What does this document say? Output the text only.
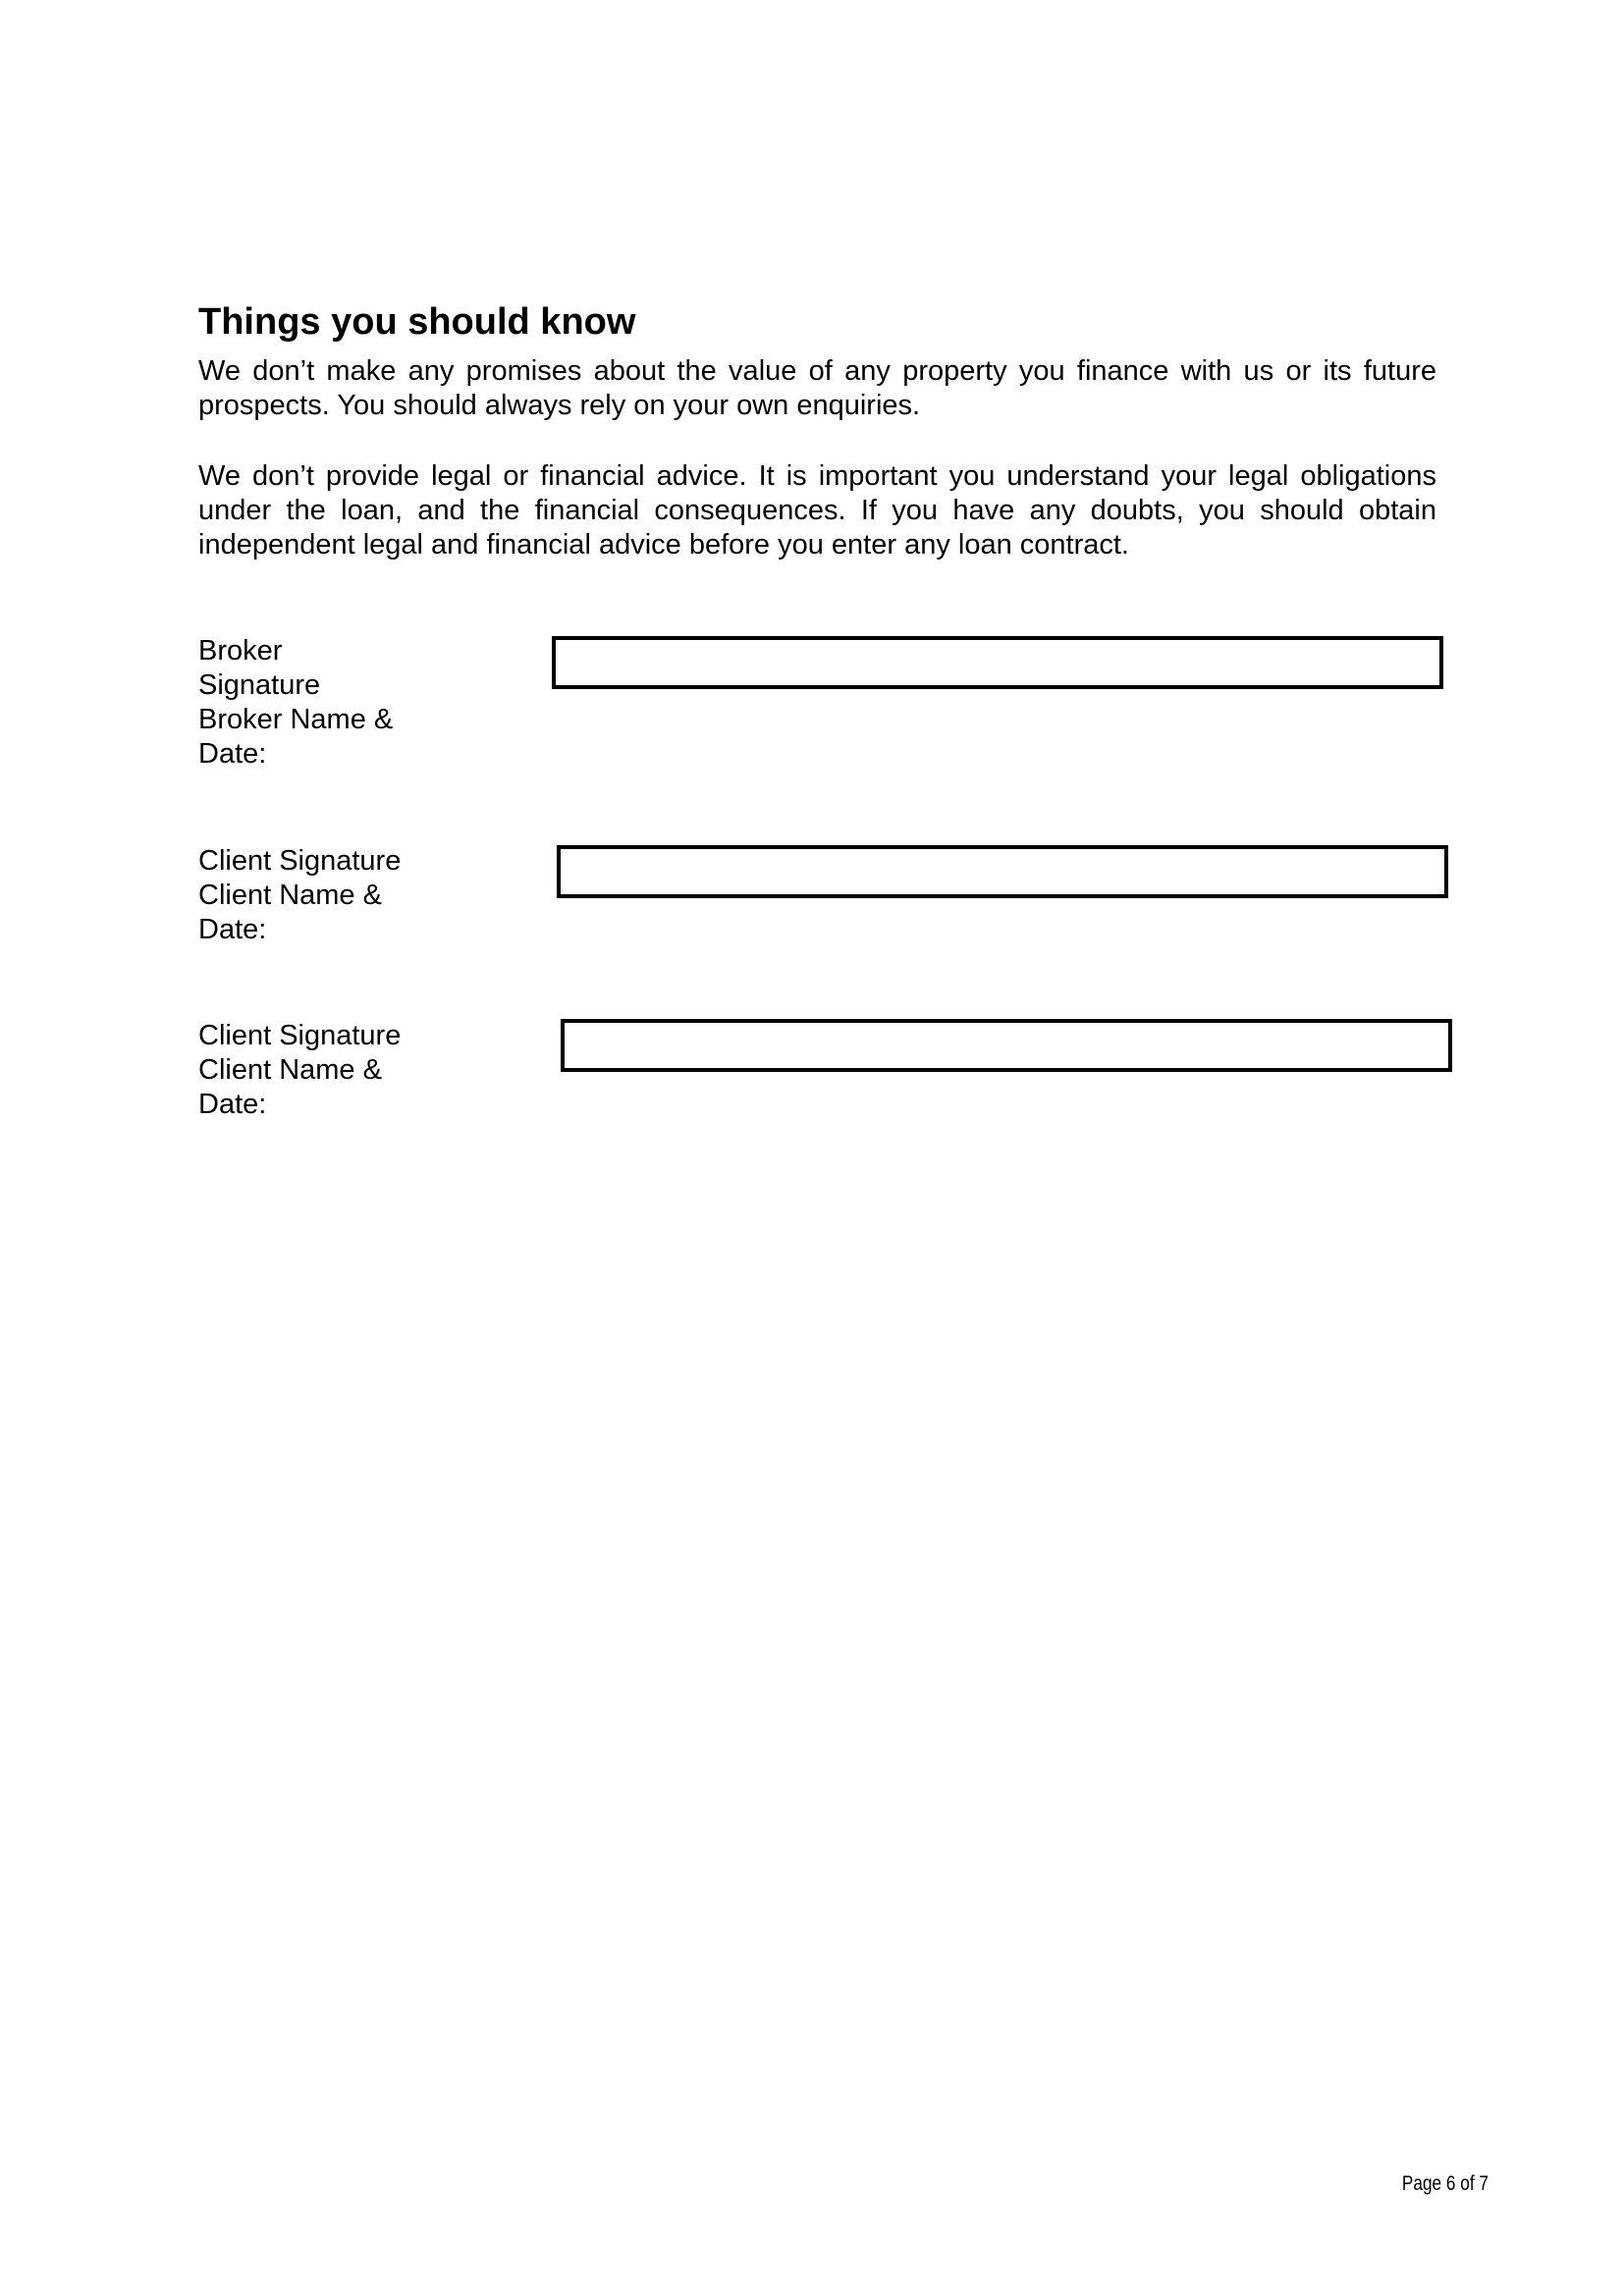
Things you should know

We don’t make any promises about the value of any property you finance with us or its future prospects. You should always rely on your own enquiries.

We don’t provide legal or financial advice. It is important you understand your legal obligations under the loan, and the financial consequences. If you have any doubts, you should obtain independent legal and financial advice before you enter any loan contract.

Broker
Signature
Broker Name &
Date:

Client Signature
Client Name &
Date:

Client Signature
Client Name &
Date:

Page 6 of 7
